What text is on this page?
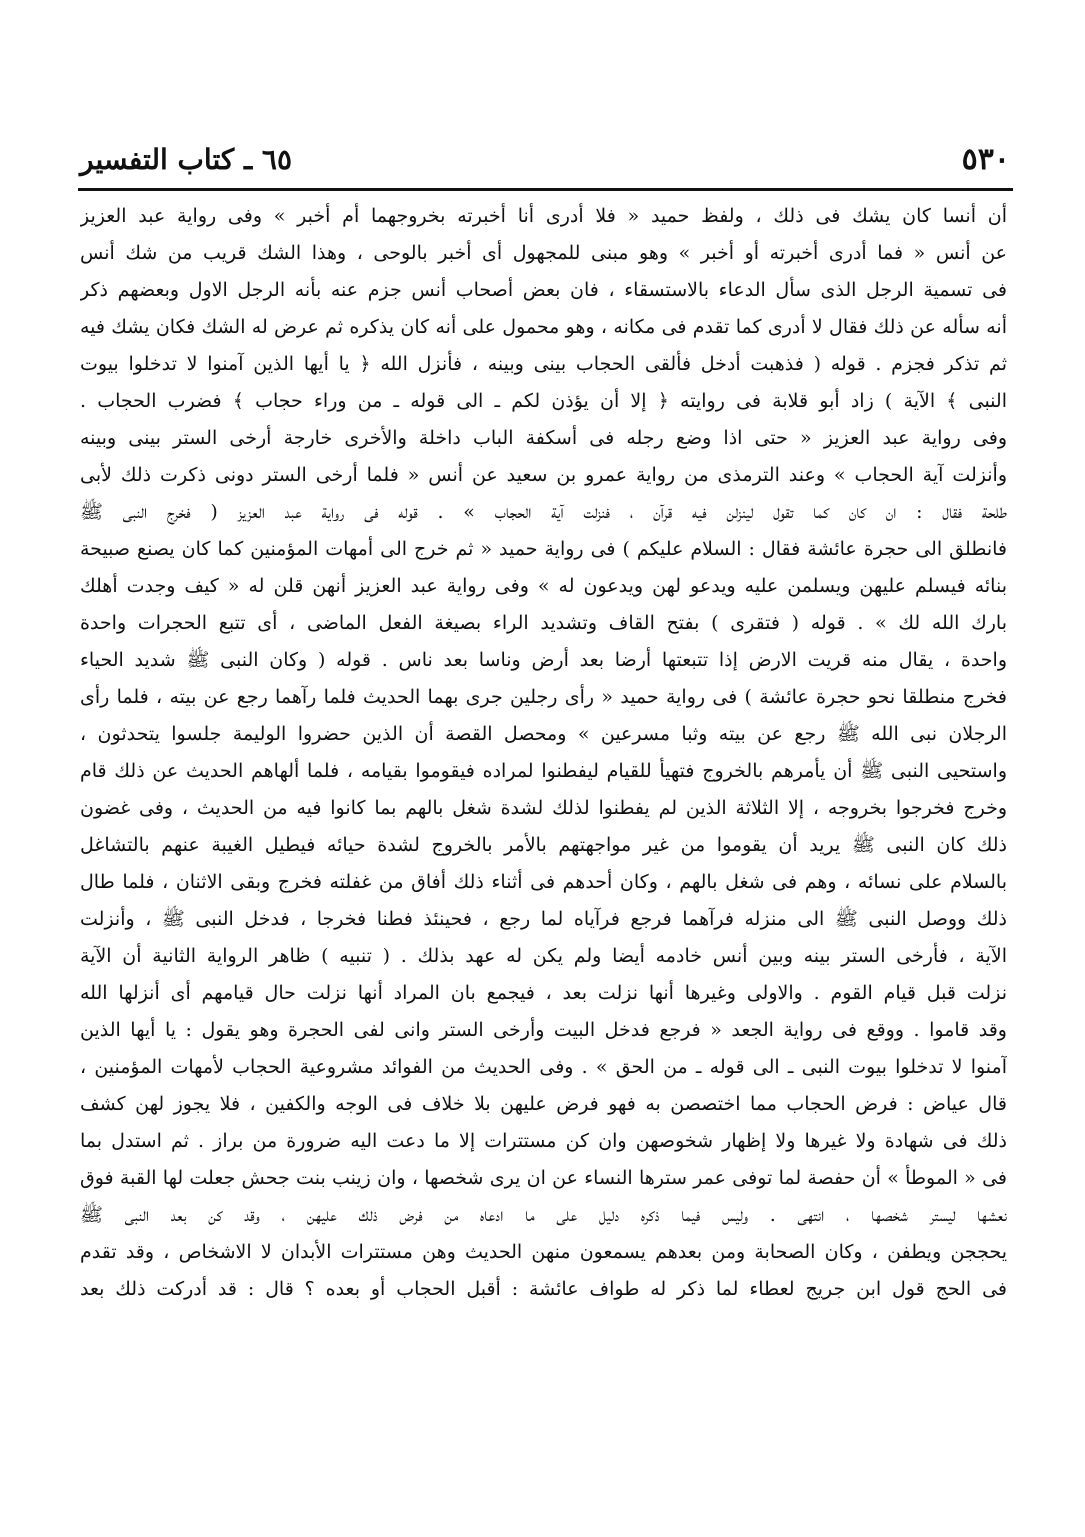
٥٣٠
٦٥ ـ كتاب التفسير
أن أنسا كان يشك فى ذلك ، ولفظ حميد « فلا أدرى أنا أخبرته بخروجهما أم أخبر » وفى رواية عبد العزيز
عن أنس « فما أدرى أخبرته أو أخبر » وهو مبنى للمجهول أى أخبر بالوحى ، وهذا الشك قريب من شك أنس
فى تسمية الرجل الذى سأل الدعاء بالاستسقاء ، فان بعض أصحاب أنس جزم عنه بأنه الرجل الاول وبعضهم ذكر
أنه سأله عن ذلك فقال لا أدرى كما تقدم فى مكانه ، وهو محمول على أنه كان يذكره ثم عرض له الشك فكان يشك فيه
ثم تذكر فجزم . قوله ( فذهبت أدخل فألقى الحجاب بينى وبينه ، فأنزل الله ﴿ يا أيها الذين آمنوا لا تدخلوا بيوت
النبى ﴾ الآية ) زاد أبو قلابة فى روايته ﴿ إلا أن يؤذن لكم ـ الى قوله ـ من وراء حجاب ﴾ فضرب الحجاب .
وفى رواية عبد العزيز « حتى اذا وضع رجله فى أسكفة الباب داخلة والأخرى خارجة أرخى الستر بينى وبينه
وأنزلت آية الحجاب » وعند الترمذى من رواية عمرو بن سعيد عن أنس « فلما أرخى الستر دونى ذكرت ذلك لأبى
طلحة فقال : ان كان كما تقول لينزلن فيه قرآن ، فنزلت آية الحجاب » . قوله فى رواية عبد العزيز ( فخرج النبى ﷺ
فانطلق الى حجرة عائشة فقال : السلام عليكم ) فى رواية حميد « ثم خرج الى أمهات المؤمنين كما كان يصنع صبيحة
بنائه فيسلم عليهن ويسلمن عليه ويدعو لهن ويدعون له » وفى رواية عبد العزيز أنهن قلن له « كيف وجدت أهلك
بارك الله لك » . قوله ( فتقرى ) بفتح القاف وتشديد الراء بصيغة الفعل الماضى ، أى تتبع الحجرات واحدة
واحدة ، يقال منه قريت الارض إذا تتبعتها أرضا بعد أرض وناسا بعد ناس . قوله ( وكان النبى ﷺ شديد الحياء
فخرج منطلقا نحو حجرة عائشة ) فى رواية حميد « رأى رجلين جرى بهما الحديث فلما رآهما رجع عن بيته ، فلما رأى
الرجلان نبى الله ﷺ رجع عن بيته وثبا مسرعين » ومحصل القصة أن الذين حضروا الوليمة جلسوا يتحدثون ،
واستحيى النبى ﷺ أن يأمرهم بالخروج فتهيأ للقيام ليفطنوا لمراده فيقوموا بقيامه ، فلما ألهاهم الحديث عن ذلك قام
وخرج فخرجوا بخروجه ، إلا الثلاثة الذين لم يفطنوا لذلك لشدة شغل بالهم بما كانوا فيه من الحديث ، وفى غضون
ذلك كان النبى ﷺ يريد أن يقوموا من غير مواجهتهم بالأمر بالخروج لشدة حيائه فيطيل الغيبة عنهم بالتشاغل
بالسلام على نسائه ، وهم فى شغل بالهم ، وكان أحدهم فى أثناء ذلك أفاق من غفلته فخرج وبقى الاثنان ، فلما طال
ذلك ووصل النبى ﷺ الى منزله فرآهما فرجع فرآياه لما رجع ، فحينئذ فطنا فخرجا ، فدخل النبى ﷺ ، وأنزلت
الآية ، فأرخى الستر بينه وبين أنس خادمه أيضا ولم يكن له عهد بذلك . ( تنبيه ) ظاهر الرواية الثانية أن الآية
نزلت قبل قيام القوم . والاولى وغيرها أنها نزلت بعد ، فيجمع بان المراد أنها نزلت حال قيامهم أى أنزلها الله
وقد قاموا . ووقع فى رواية الجعد « فرجع فدخل البيت وأرخى الستر وانى لفى الحجرة وهو يقول : يا أيها الذين
آمنوا لا تدخلوا بيوت النبى ـ الى قوله ـ من الحق » . وفى الحديث من الفوائد مشروعية الحجاب لأمهات المؤمنين ،
قال عياض : فرض الحجاب مما اختصصن به فهو فرض عليهن بلا خلاف فى الوجه والكفين ، فلا يجوز لهن كشف
ذلك فى شهادة ولا غيرها ولا إظهار شخوصهن وان كن مستترات إلا ما دعت اليه ضرورة من براز . ثم استدل بما
فى « الموطأ » أن حفصة لما توفى عمر سترها النساء عن ان يرى شخصها ، وان زينب بنت جحش جعلت لها القبة فوق
نعشها ليستر شخصها ، انتهى . وليس فيما ذكره دليل على ما ادعاه من فرض ذلك عليهن ، وقد كن بعد النبى ﷺ
يحججن ويطفن ، وكان الصحابة ومن بعدهم يسمعون منهن الحديث وهن مستترات الأبدان لا الاشخاص ، وقد تقدم
فى الحج قول ابن جريج لعطاء لما ذكر له طواف عائشة : أقبل الحجاب أو بعده ؟ قال : قد أدركت ذلك بعد
